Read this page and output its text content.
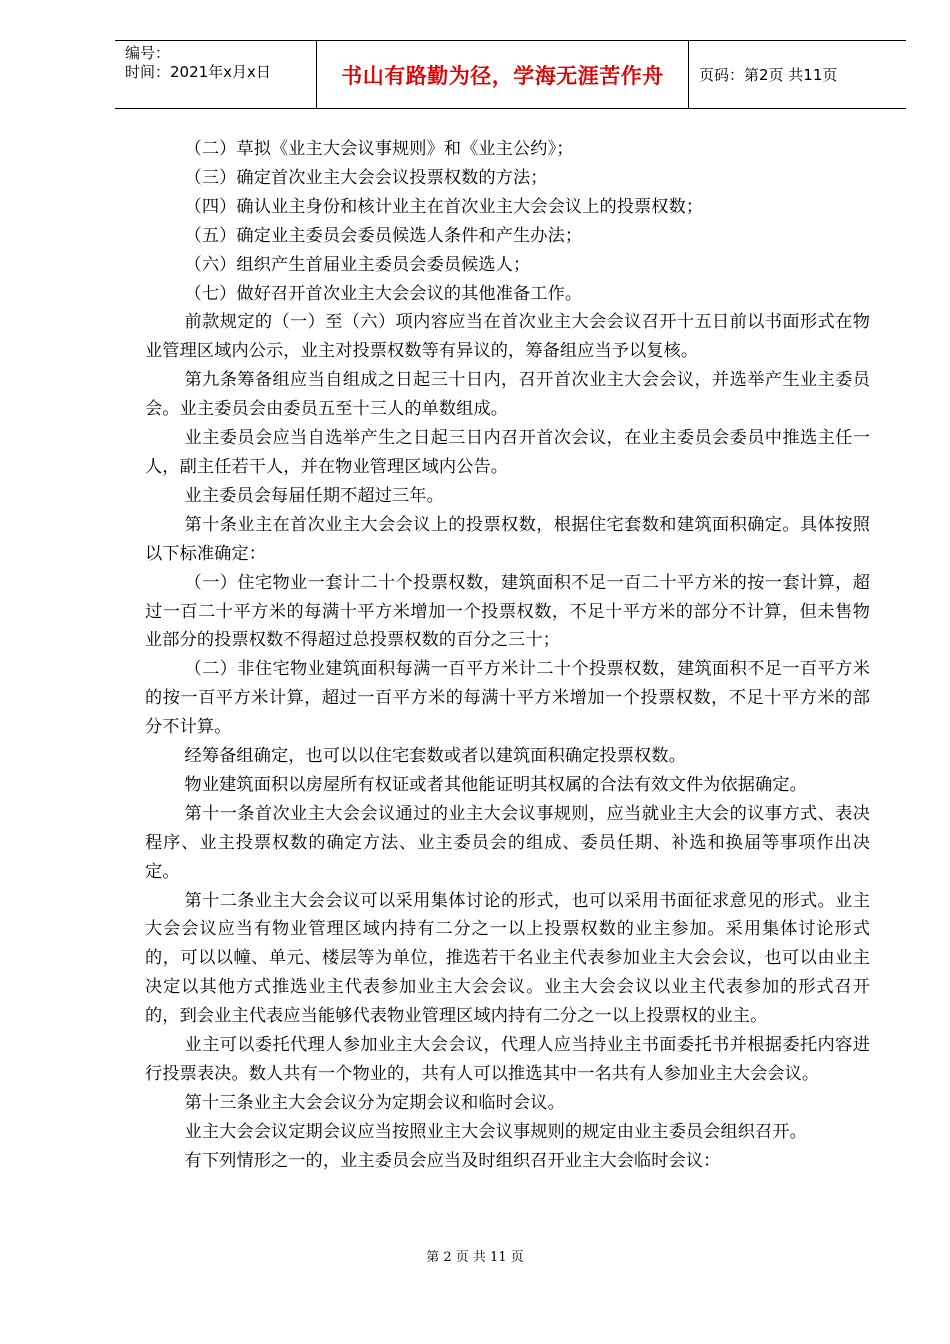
编号：
时间：2021年x月x日	书山有路勤为径，学海无涯苦作舟 页码：第2页 共11页

（二）草拟《业主大会议事规则》和《业主公约》；

（三）确定首次业主大会会议投票权数的方法；

（四）确认业主身份和核计业主在首次业主大会会议上的投票权数；

（五）确定业主委员会委员候选人条件和产生办法；

（六）组织产生首届业主委员会委员候选人；

（七）做好召开首次业主大会会议的其他准备工作。

前款规定的（一）至（六）项内容应当在首次业主大会会议召开十五日前以书面形式在物业管理区域内公示，业主对投票权数等有异议的，筹备组应当予以复核。

第九条筹备组应当自组成之日起三十日内，召开首次业主大会会议，并选举产生业主委员会。业主委员会由委员五至十三人的单数组成。

业主委员会应当自选举产生之日起三日内召开首次会议，在业主委员会委员中推选主任一人，副主任若干人，并在物业管理区域内公告。

业主委员会每届任期不超过三年。

第十条业主在首次业主大会会议上的投票权数，根据住宅套数和建筑面积确定。具体按照以下标准确定：

（一）住宅物业一套计二十个投票权数，建筑面积不足一百二十平方米的按一套计算，超过一百二十平方米的每满十平方米增加一个投票权数，不足十平方米的部分不计算，但未售物业部分的投票权数不得超过总投票权数的百分之三十；

（二）非住宅物业建筑面积每满一百平方米计二十个投票权数，建筑面积不足一百平方米的按一百平方米计算，超过一百平方米的每满十平方米增加一个投票权数，不足十平方米的部分不计算。

经筹备组确定，也可以以住宅套数或者以建筑面积确定投票权数。

物业建筑面积以房屋所有权证或者其他能证明其权属的合法有效文件为依据确定。

第十一条首次业主大会会议通过的业主大会议事规则，应当就业主大会的议事方式、表决程序、业主投票权数的确定方法、业主委员会的组成、委员任期、补选和换届等事项作出决定。

第十二条业主大会会议可以采用集体讨论的形式，也可以采用书面征求意见的形式。业主大会会议应当有物业管理区域内持有二分之一以上投票权数的业主参加。采用集体讨论形式的，可以以幢、单元、楼层等为单位，推选若干名业主代表参加业主大会会议，也可以由业主决定以其他方式推选业主代表参加业主大会会议。业主大会会议以业主代表参加的形式召开的，到会业主代表应当能够代表物业管理区域内持有二分之一以上投票权的业主。

业主可以委托代理人参加业主大会会议，代理人应当持业主书面委托书并根据委托内容进行投票表决。数人共有一个物业的，共有人可以推选其中一名共有人参加业主大会会议。

第十三条业主大会会议分为定期会议和临时会议。

业主大会会议定期会议应当按照业主大会议事规则的规定由业主委员会组织召开。

有下列情形之一的，业主委员会应当及时组织召开业主大会临时会议：

第 2 页 共 11 页
